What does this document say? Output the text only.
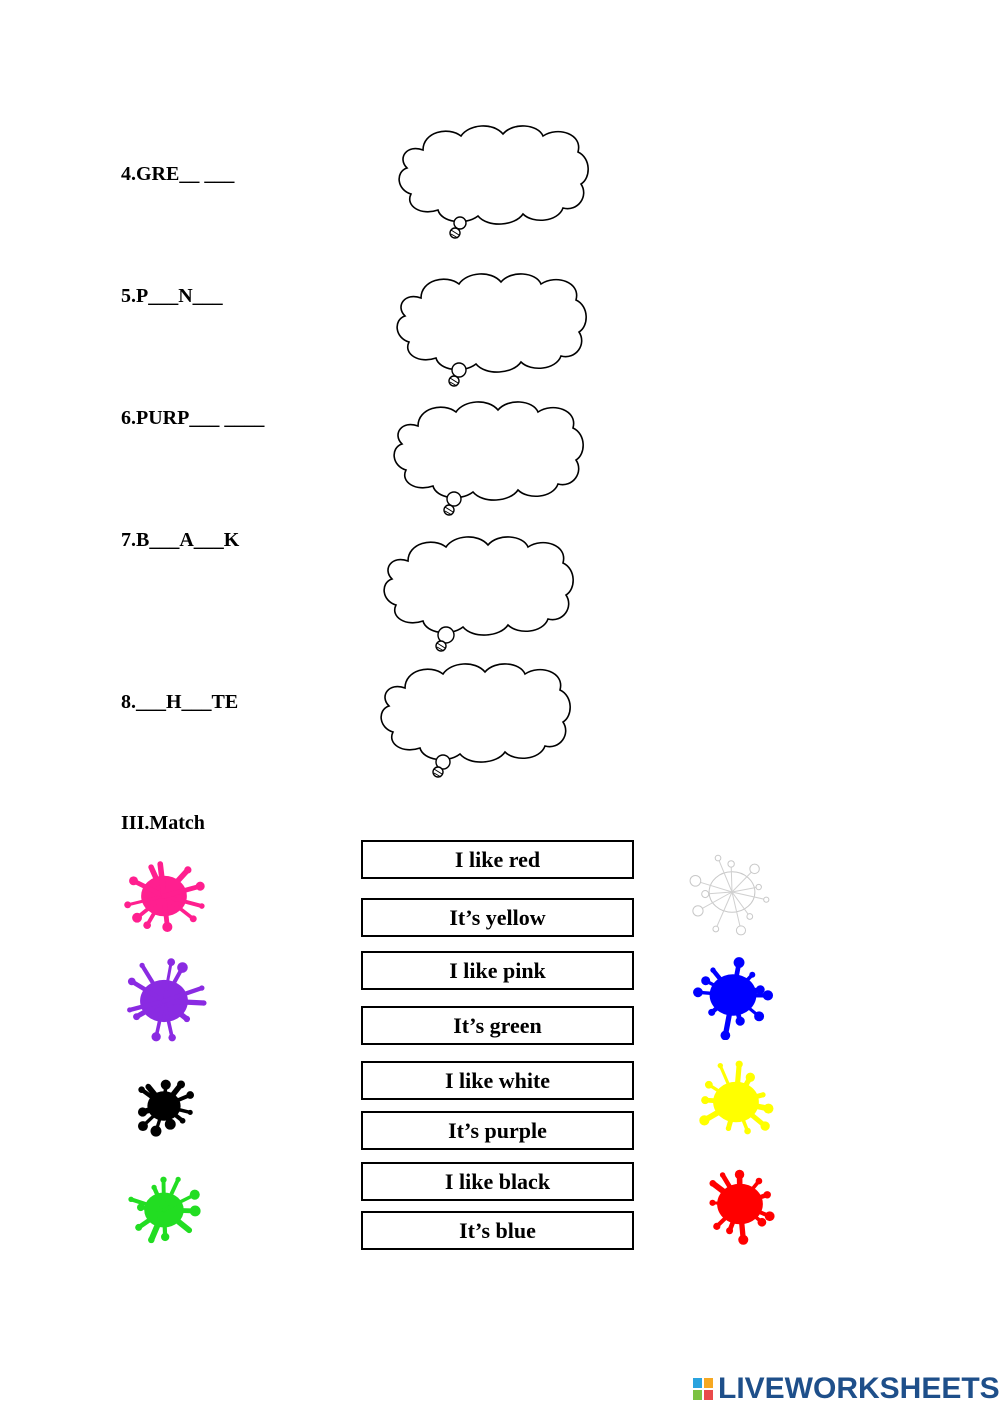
4.GRE__ ___
5.P___N___
6.PURP___ ____
7.B___A___K
8.___H___TE
III.Match
I like red
It’s yellow
I like pink
It’s green
I like white
It’s purple
I like black
It’s blue
LIVEWORKSHEETS
